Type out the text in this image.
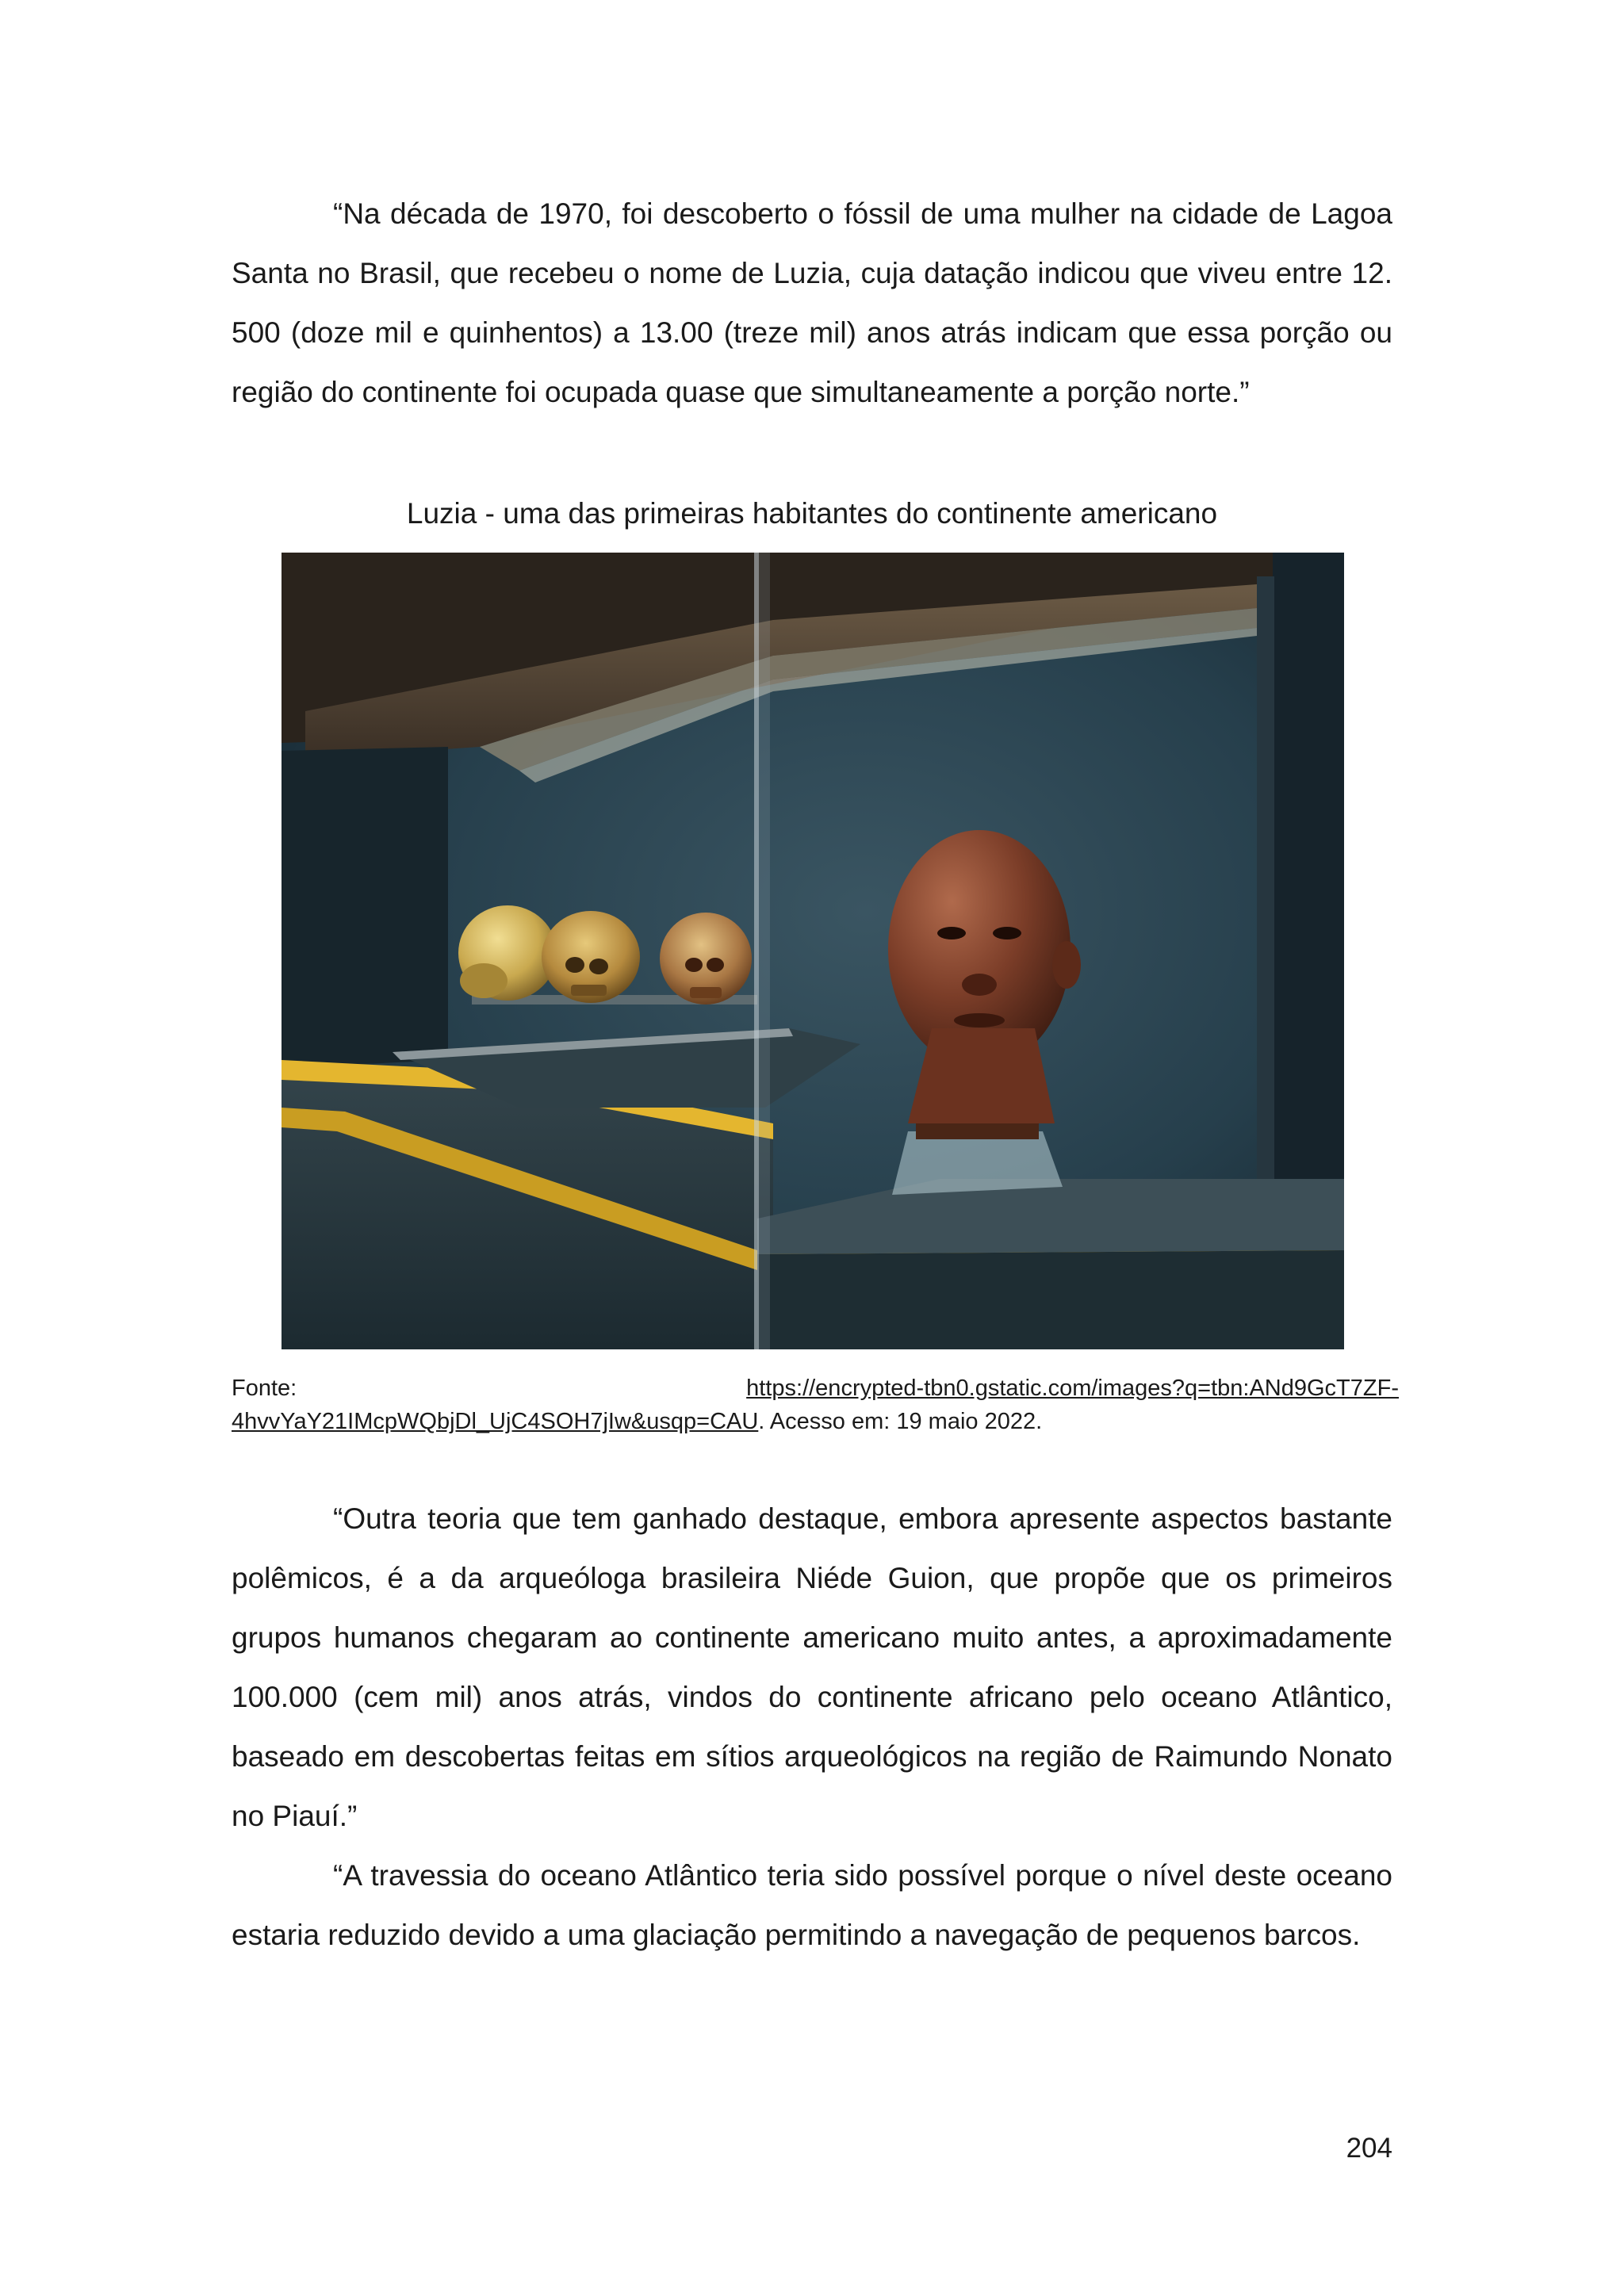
“Na década de 1970, foi descoberto o fóssil de uma mulher na cidade de Lagoa Santa no Brasil, que recebeu o nome de Luzia, cuja datação indicou que viveu entre 12. 500 (doze mil e quinhentos) a 13.00 (treze mil) anos atrás indicam que essa porção ou região do continente foi ocupada quase que simultaneamente a porção norte.”

Luzia - uma das primeiras habitantes do continente americano

Fonte:	https://encrypted-tbn0.gstatic.com/images?q=tbn:ANd9GcT7ZF-
4hvvYaY21IMcpWQbjDl_UjC4SOH7jIw&usqp=CAU. Acesso em: 19 maio 2022.
“Outra teoria que tem ganhado destaque, embora apresente aspectos bastante polêmicos, é a da arqueóloga brasileira Niéde Guion, que propõe que os primeiros grupos humanos chegaram ao continente americano muito antes, a aproximadamente 100.000 (cem mil) anos atrás, vindos do continente africano pelo oceano Atlântico, baseado em descobertas feitas em sítios arqueológicos na região de Raimundo Nonato no Piauí.”
“A travessia do oceano Atlântico teria sido possível porque o nível deste oceano estaria reduzido devido a uma glaciação permitindo a navegação de pequenos barcos.

204
